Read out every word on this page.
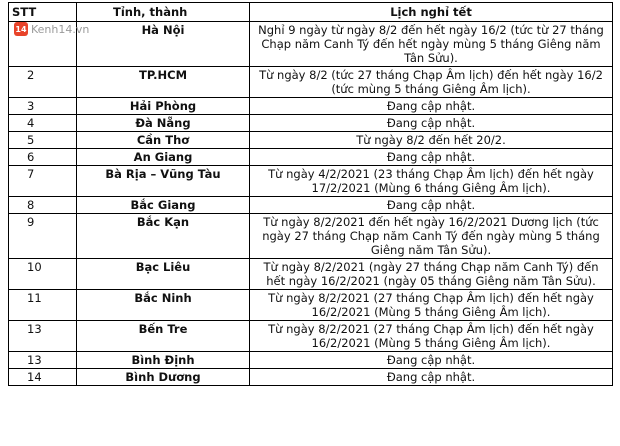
14 Kenh14.vn
STT	Tỉnh, thành	Lịch nghỉ tết
	Hà Nội	Nghỉ 9 ngày từ ngày 8/2 đến hết ngày 16/2 (tức từ 27 tháng Chạp năm Canh Tý đến hết ngày mùng 5 tháng Giêng năm Tân Sửu).
2	TP.HCM	Từ ngày 8/2 (tức 27 tháng Chạp Âm lịch) đến hết ngày 16/2 (tức mùng 5 tháng Giêng Âm lịch).
3	Hải Phòng	Đang cập nhật.
4	Đà Nẵng	Đang cập nhật.
5	Cần Thơ	Từ ngày 8/2 đến hết 20/2.
6	An Giang	Đang cập nhật.
7	Bà Rịa – Vũng Tàu	Từ ngày 4/2/2021 (23 tháng Chạp Âm lịch) đến hết ngày 17/2/2021 (Mùng 6 tháng Giêng Âm lịch).
8	Bắc Giang	Đang cập nhật.
9	Bắc Kạn	Từ ngày 8/2/2021 đến hết ngày 16/2/2021 Dương lịch (tức ngày 27 tháng Chạp năm Canh Tý đến ngày mùng 5 tháng Giêng năm Tân Sửu).
10	Bạc Liêu	Từ ngày 8/2/2021 (ngày 27 tháng Chạp năm Canh Tý) đến hết ngày 16/2/2021 (ngày 05 tháng Giêng năm Tân Sửu).
11	Bắc Ninh	Từ ngày 8/2/2021 (27 tháng Chạp Âm lịch) đến hết ngày 16/2/2021 (Mùng 5 tháng Giêng Âm lịch).
13	Bến Tre	Từ ngày 8/2/2021 (27 tháng Chạp Âm lịch) đến hết ngày 16/2/2021 (Mùng 5 tháng Giêng Âm lịch).
13	Bình Định	Đang cập nhật.
14	Bình Dương	Đang cập nhật.
